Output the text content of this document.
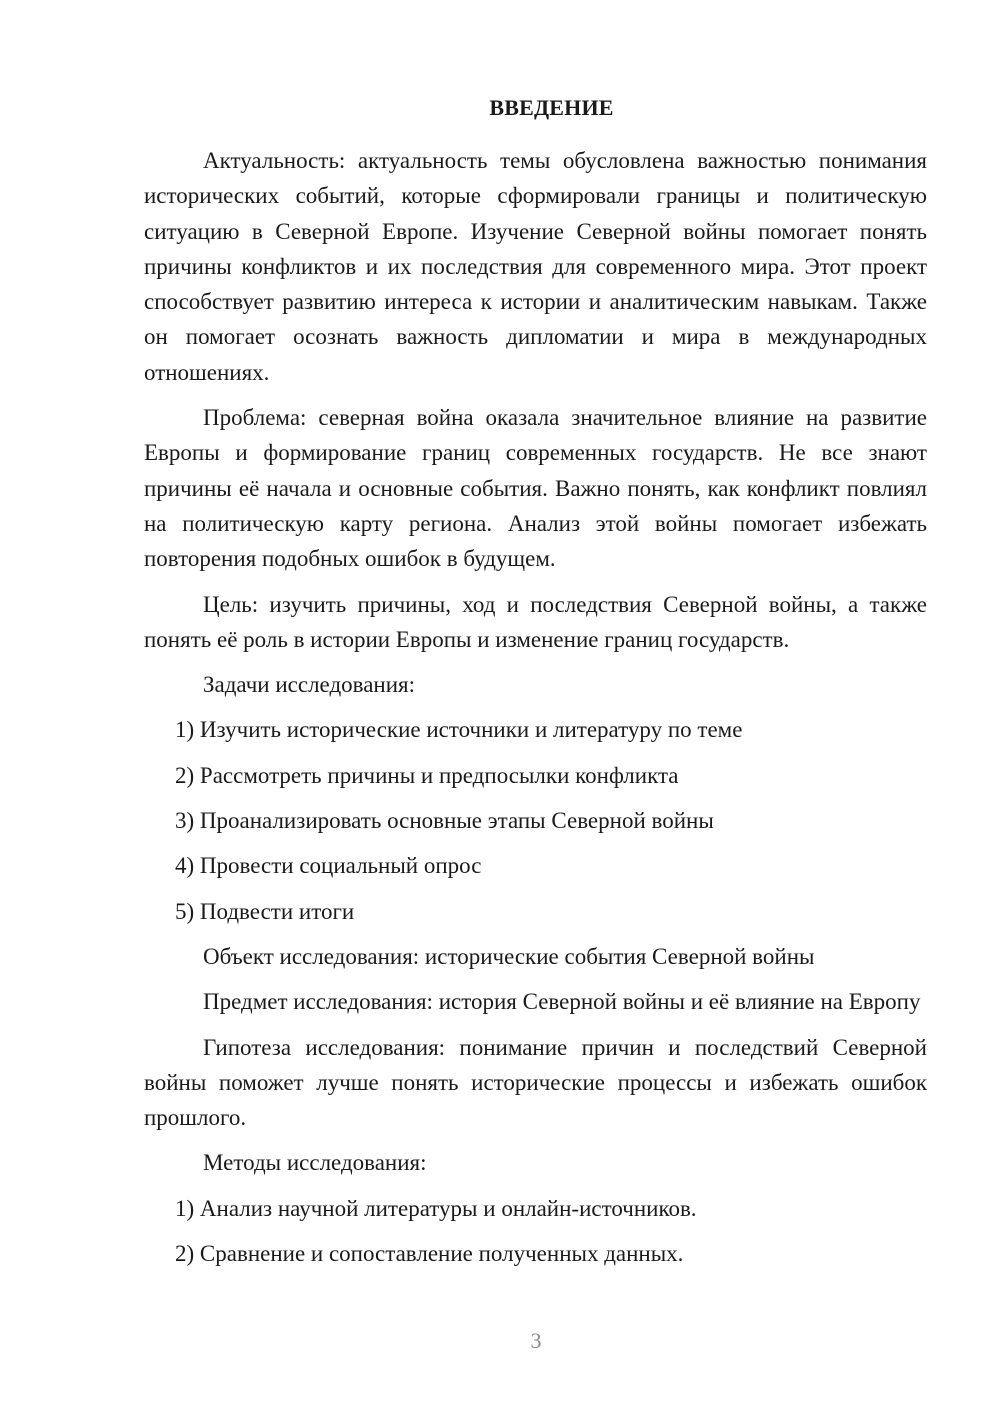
ВВЕДЕНИЕ

Актуальность: актуальность темы обусловлена важностью понимания исторических событий, которые сформировали границы и политическую ситуацию в Северной Европе. Изучение Северной войны помогает понять причины конфликтов и их последствия для современного мира. Этот проект способствует развитию интереса к истории и аналитическим навыкам. Также он помогает осознать важность дипломатии и мира в международных отношениях.

Проблема: северная война оказала значительное влияние на развитие Европы и формирование границ современных государств. Не все знают причины её начала и основные события. Важно понять, как конфликт повлиял на политическую карту региона. Анализ этой войны помогает избежать повторения подобных ошибок в будущем.

Цель: изучить причины, ход и последствия Северной войны, а также понять её роль в истории Европы и изменение границ государств.

Задачи исследования:

1) Изучить исторические источники и литературу по теме

2) Рассмотреть причины и предпосылки конфликта

3) Проанализировать основные этапы Северной войны

4) Провести социальный опрос

5) Подвести итоги

Объект исследования: исторические события Северной войны

Предмет исследования: история Северной войны и её влияние на Европу

Гипотеза исследования: понимание причин и последствий Северной войны поможет лучше понять исторические процессы и избежать ошибок прошлого.

Методы исследования:

1) Анализ научной литературы и онлайн-источников.

2) Сравнение и сопоставление полученных данных.

3
